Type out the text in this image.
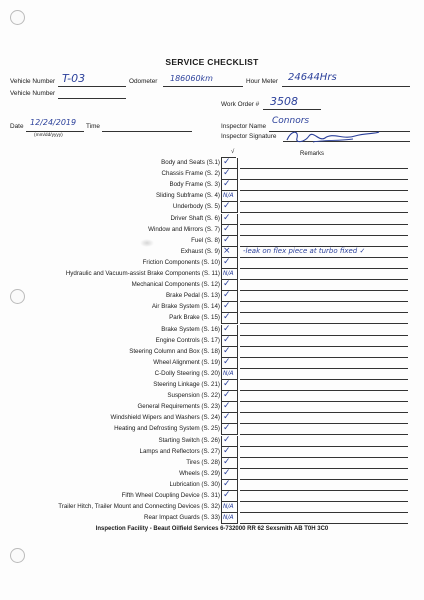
SERVICE CHECKLIST
Vehicle Number T-03	Odometer 186060km	Hour Meter 24644Hrs
Vehicle Number
Work Order # 3508
Date 12/24/2019
(mm/dd/yyyy)
Time	Inspector Name
Connors
Inspector Signature
√	Remarks
Body and Seats (S.1) ✓
Chassis Frame (S. 2) ✓
Body Frame (S. 3) ✓
Sliding Subframe (S. 4) N/A
Underbody (S. 5) ✓
Driver Shaft (S. 6) ✓
Window and Mirrors (S. 7) ✓
Fuel (S. 8) ✓
Exhaust (S. 9) × -leak on flex piece at turbo fixed ✓
Friction Components (S. 10) ✓
Hydraulic and Vacuum-assist Brake Components (S. 11) N/A
Mechanical Components (S. 12) ✓
Brake Pedal (S. 13) ✓
Air Brake System (S. 14) ✓
Park Brake (S. 15) ✓
Brake System (S. 16) ✓
Engine Controls (S. 17) ✓
Steering Column and Box (S. 18) ✓
Wheel Alignment (S. 19) ✓
C-Dolly Steering (S. 20) N/A
Steering Linkage (S. 21) ✓
Suspension (S. 22) ✓
General Requirements (S. 23) ✓
Windshield Wipers and Washers (S. 24) ✓
Heating and Defrosting System (S. 25) ✓
Starting Switch (S. 26) ✓
Lamps and Reflectors (S. 27) ✓
Tires (S. 28) ✓
Wheels (S. 29) ✓
Lubrication (S. 30) ✓
Fifth Wheel Coupling Device (S. 31) ✓
Trailer Hitch, Trailer Mount and Connecting Devices (S. 32) N/A
Rear Impact Guards (S. 33) N/A
Inspection Facility - Beaut Oilfield Services 6-732000 RR 62 Sexsmith AB T0H 3C0
